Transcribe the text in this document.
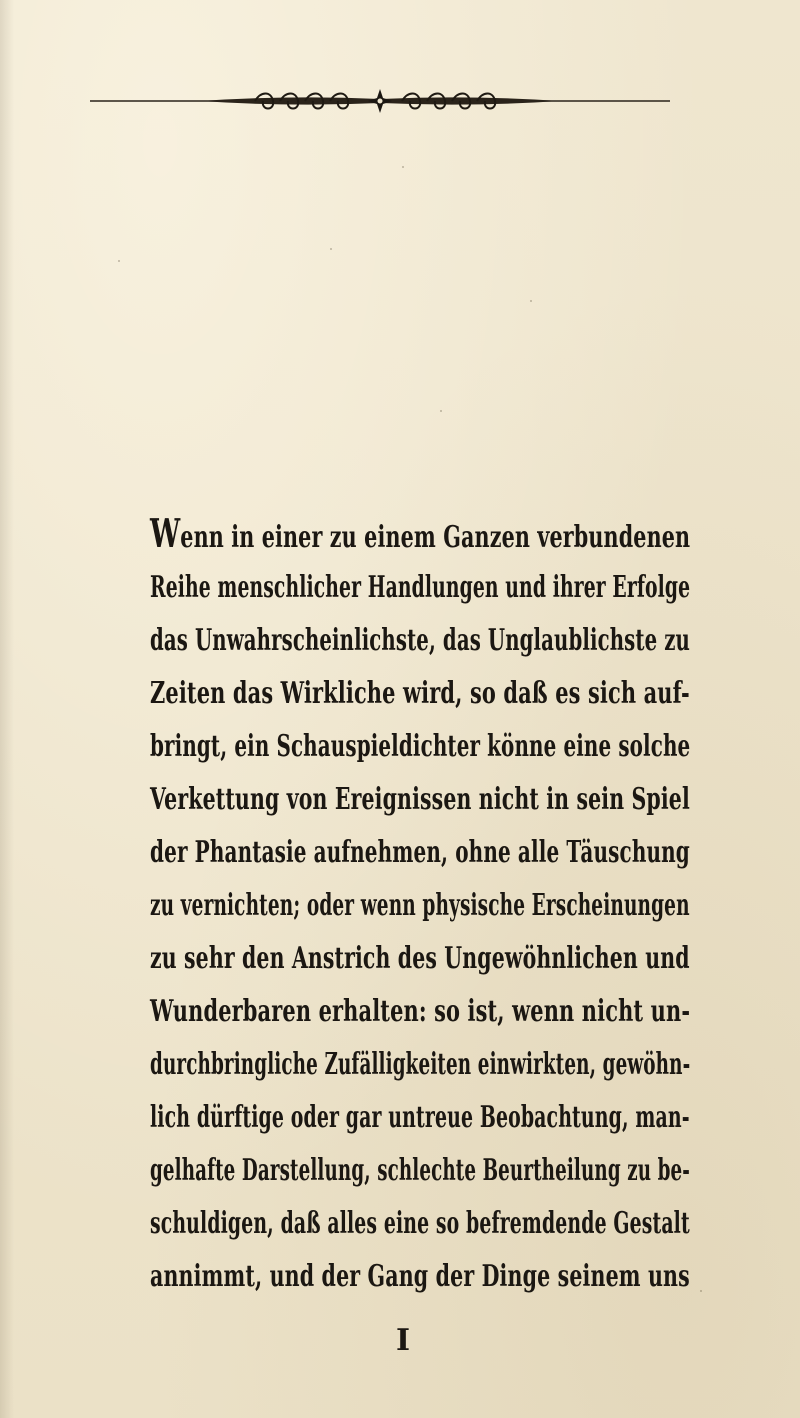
Wenn in einer zu einem Ganzen verbundenen
Reihe menschlicher Handlungen und ihrer Erfolge
das Unwahrscheinlichste, das Unglaublichste zu
Zeiten das Wirkliche wird, so daß es sich auf-
bringt, ein Schauspieldichter könne eine solche
Verkettung von Ereignissen nicht in sein Spiel
der Phantasie aufnehmen, ohne alle Täuschung
zu vernichten; oder wenn physische Erscheinungen
zu sehr den Anstrich des Ungewöhnlichen und
Wunderbaren erhalten: so ist, wenn nicht un-
durchbringliche Zufälligkeiten einwirkten, gewöhn-
lich dürftige oder gar untreue Beobachtung, man-
gelhafte Darstellung, schlechte Beurtheilung zu be-
schuldigen, daß alles eine so befremdende Gestalt
annimmt, und der Gang der Dinge seinem uns
I
